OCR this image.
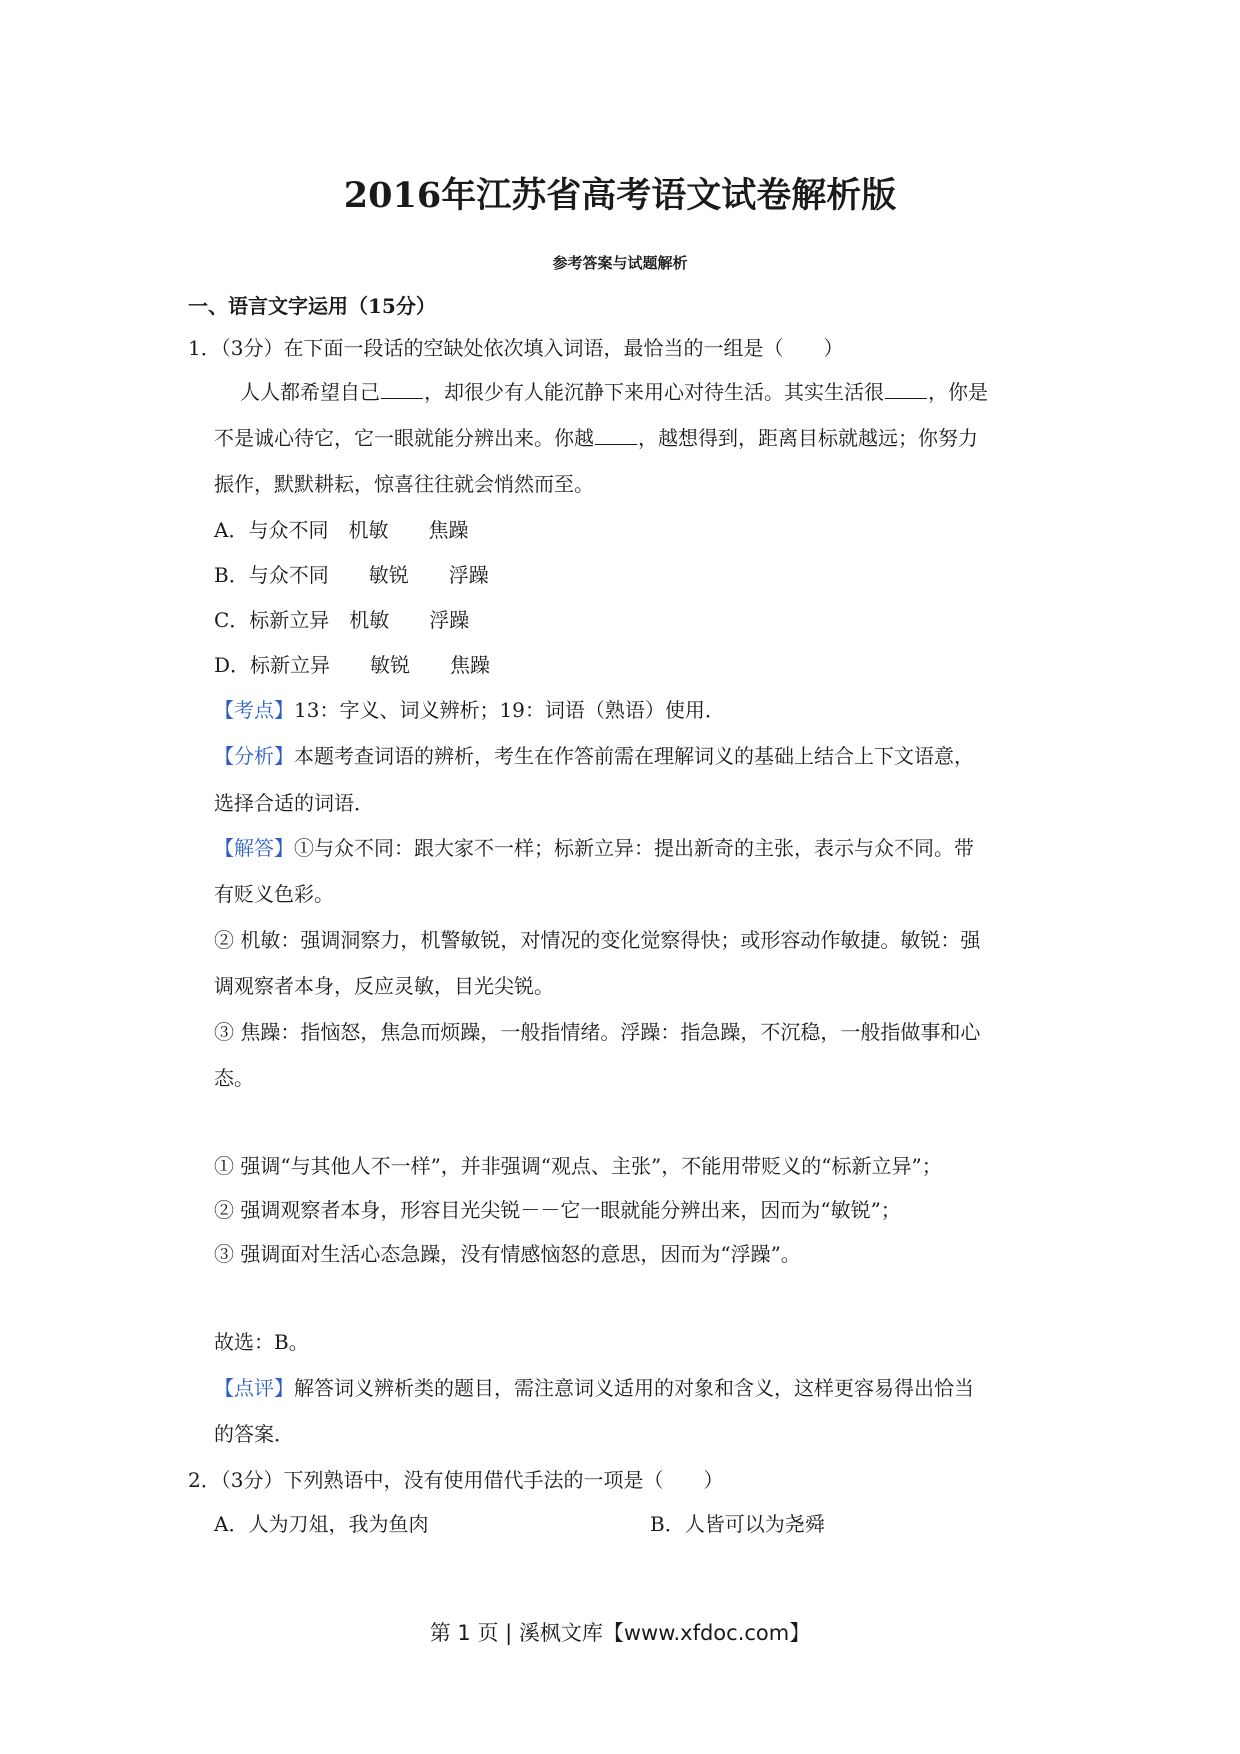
2016年江苏省高考语文试卷解析版
参考答案与试题解析
一、语言文字运用（15分）
1．（3分）在下面一段话的空缺处依次填入词语，最恰当的一组是（　　）
人人都希望自己 ，却很少有人能沉静下来用心对待生活。其实生活很 ，你是
不是诚心待它，它一眼就能分辨出来。你越 ，越想得到，距离目标就越远；你努力
振作，默默耕耘，惊喜往往就会悄然而至。
A．与众不同　机敏　　焦躁
B．与众不同　　敏锐　　浮躁
C．标新立异　机敏　　浮躁
D．标新立异　　敏锐　　焦躁
【考点】13：字义、词义辨析；19：词语（熟语）使用．
【分析】本题考查词语的辨析，考生在作答前需在理解词义的基础上结合上下文语意，
选择合适的词语．
【解答】①与众不同：跟大家不一样；标新立异：提出新奇的主张，表示与众不同。带
有贬义色彩。
② 机敏：强调洞察力，机警敏锐，对情况的变化觉察得快；或形容动作敏捷。敏锐：强
调观察者本身，反应灵敏，目光尖锐。
③ 焦躁：指恼怒，焦急而烦躁，一般指情绪。浮躁：指急躁，不沉稳，一般指做事和心
态。
① 强调“与其他人不一样”，并非强调“观点、主张”，不能用带贬义的“标新立异”；
② 强调观察者本身，形容目光尖锐－－它一眼就能分辨出来，因而为“敏锐”；
③ 强调面对生活心态急躁，没有情感恼怒的意思，因而为“浮躁”。
故选：B。
【点评】解答词义辨析类的题目，需注意词义适用的对象和含义，这样更容易得出恰当
的答案．
2．（3分）下列熟语中，没有使用借代手法的一项是（　　）
A．人为刀俎，我为鱼肉	B．人皆可以为尧舜
第 1 页 | 溪枫文库【www.xfdoc.com】
